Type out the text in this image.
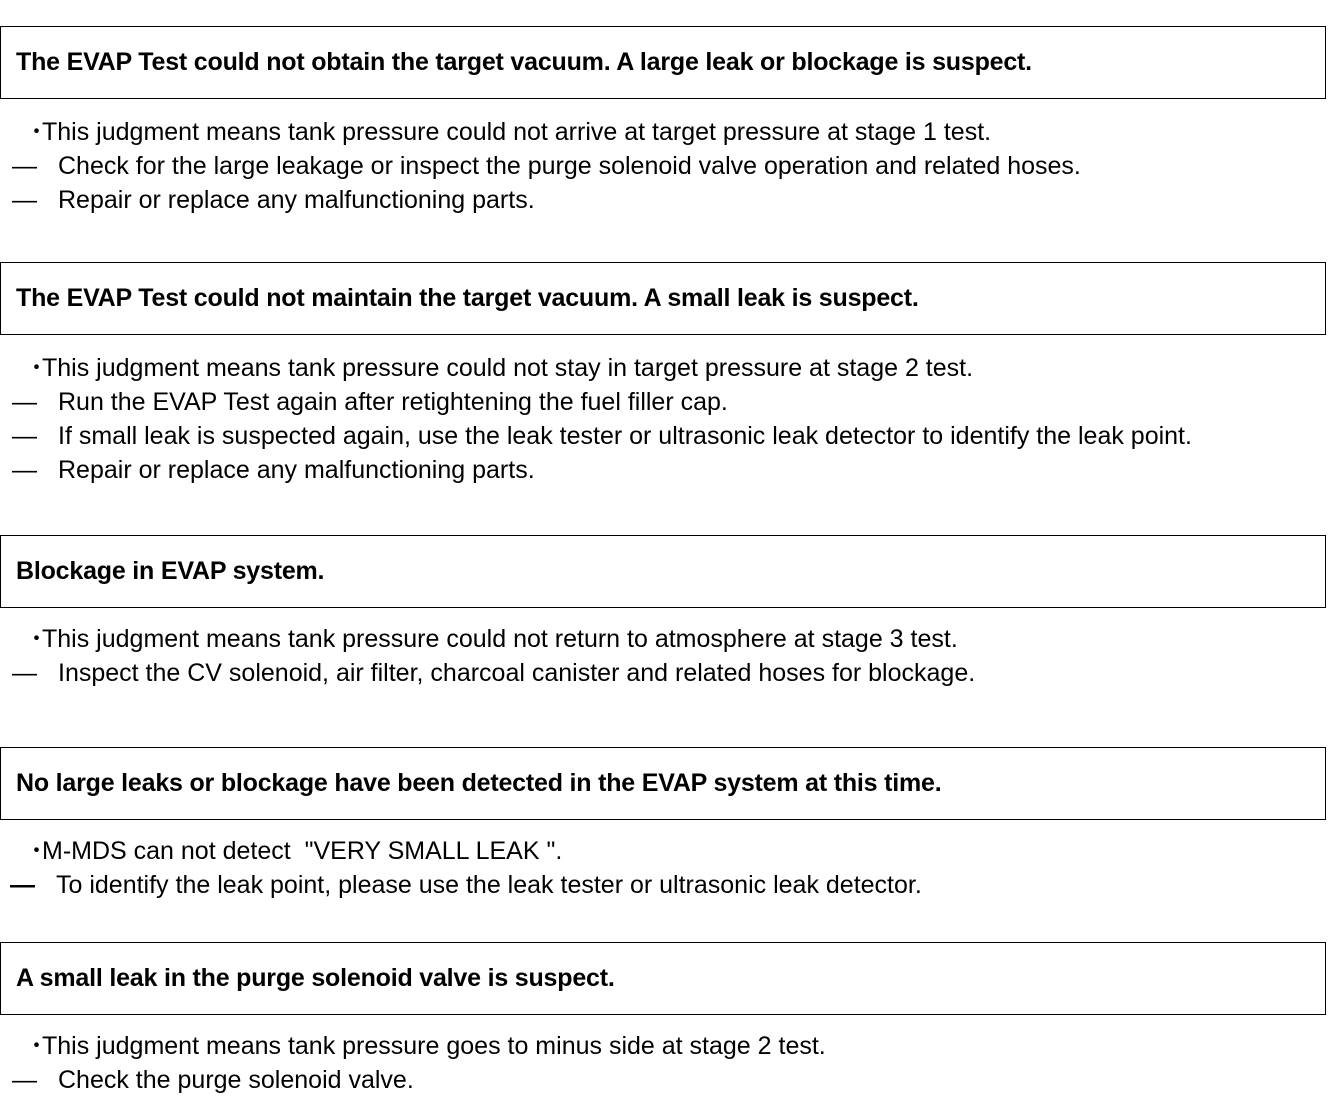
The EVAP Test could not obtain the target vacuum. A large leak or blockage is suspect.
・This judgment means tank pressure could not arrive at target pressure at stage 1 test.
— Check for the large leakage or inspect the purge solenoid valve operation and related hoses.
— Repair or replace any malfunctioning parts.
The EVAP Test could not maintain the target vacuum. A small leak is suspect.
・This judgment means tank pressure could not stay in target pressure at stage 2 test.
— Run the EVAP Test again after retightening the fuel filler cap.
— If small leak is suspected again, use the leak tester or ultrasonic leak detector to identify the leak point.
— Repair or replace any malfunctioning parts.
Blockage in EVAP system.
・This judgment means tank pressure could not return to atmosphere at stage 3 test.
— Inspect the CV solenoid, air filter, charcoal canister and related hoses for blockage.
No large leaks or blockage have been detected in the EVAP system at this time.
・M-MDS can not detect  "VERY SMALL LEAK ".
— To identify the leak point, please use the leak tester or ultrasonic leak detector.
A small leak in the purge solenoid valve is suspect.
・This judgment means tank pressure goes to minus side at stage 2 test.
— Check the purge solenoid valve.
